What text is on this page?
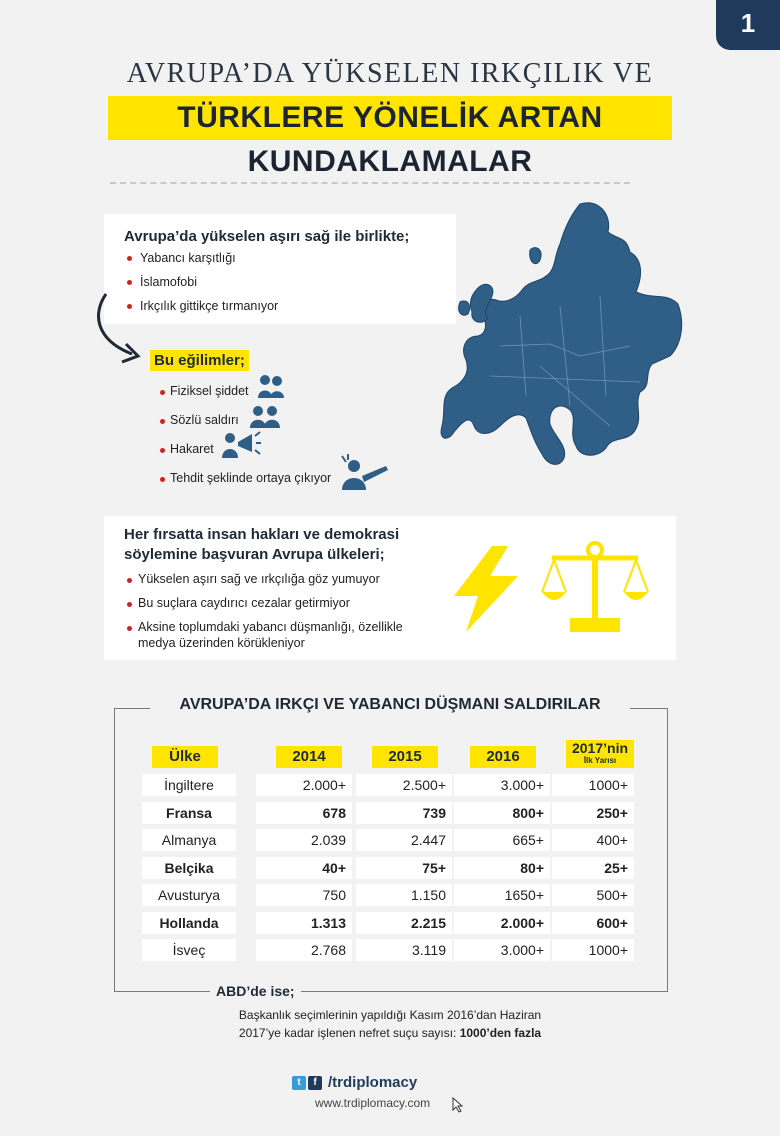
1
AVRUPA’DA YÜKSELEN IRKÇILIK VE
TÜRKLERE YÖNELİK ARTAN KUNDAKLAMALAR
Avrupa’da yükselen aşırı sağ ile birlikte;
Yabancı karşıtlığı
İslamofobi
Irkçılık gittikçe tırmanıyor
Bu eğilimler;
Fiziksel şiddet
Sözlü saldırı
Hakaret
Tehdit şeklinde ortaya çıkıyor
Her fırsatta insan hakları ve demokrasi
söylemine başvuran Avrupa ülkeleri;
Yükselen aşırı sağ ve ırkçılığa göz yumuyor
Bu suçlara caydırıcı cezalar getirmiyor
Aksine toplumdaki yabancı düşmanlığı, özellikle
medya üzerinden körükleniyor
AVRUPA’DA IRKÇI VE YABANCI DÜŞMANI SALDIRILAR
Ülke	2014	2015	2016	2017’nin
İlk Yarısı
İngiltere	2.000+	2.500+	3.000+	1000+
Fransa	678	739	800+	250+
Almanya	2.039	2.447	665+	400+
Belçika	40+	75+	80+	25+
Avusturya	750	1.150	1650+	500+
Hollanda	1.313	2.215	2.000+	600+
İsveç	2.768	3.119	3.000+	1000+
ABD’de ise;
Başkanlık seçimlerinin yapıldığı Kasım 2016’dan Haziran
2017’ye kadar işlenen nefret suçu sayısı: 1000’den fazla
t	f /trdiplomacy
www.trdiplomacy.com
